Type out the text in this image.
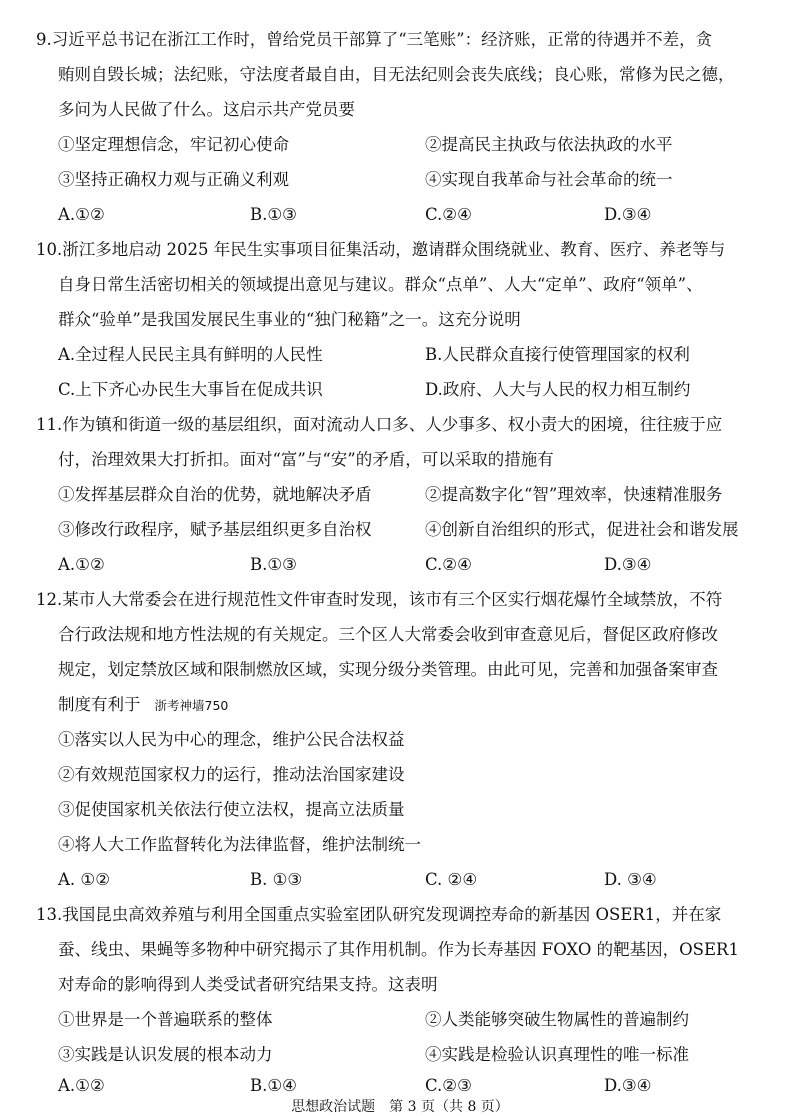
9.习近平总书记在浙江工作时，曾给党员干部算了“三笔账”：经济账，正常的待遇并不差，贪
贿则自毁长城；法纪账，守法度者最自由，目无法纪则会丧失底线；良心账，常修为民之德，
多问为人民做了什么。这启示共产党员要
①坚定理想信念，牢记初心使命	②提高民主执政与依法执政的水平
③坚持正确权力观与正确义利观	④实现自我革命与社会革命的统一
A.①②	B.①③	C.②④	D.③④
10.浙江多地启动 2025 年民生实事项目征集活动，邀请群众围绕就业、教育、医疗、养老等与
自身日常生活密切相关的领域提出意见与建议。群众“点单”、人大“定单”、政府“领单”、
群众“验单”是我国发展民生事业的“独门秘籍”之一。这充分说明
A.全过程人民民主具有鲜明的人民性	B.人民群众直接行使管理国家的权利
C.上下齐心办民生大事旨在促成共识	D.政府、人大与人民的权力相互制约
11.作为镇和街道一级的基层组织，面对流动人口多、人少事多、权小责大的困境，往往疲于应
付，治理效果大打折扣。面对“富”与“安”的矛盾，可以采取的措施有
①发挥基层群众自治的优势，就地解决矛盾	②提高数字化“智”理效率，快速精准服务
③修改行政程序，赋予基层组织更多自治权	④创新自治组织的形式，促进社会和谐发展
A.①②	B.①③	C.②④	D.③④
12.某市人大常委会在进行规范性文件审查时发现，该市有三个区实行烟花爆竹全域禁放，不符
合行政法规和地方性法规的有关规定。三个区人大常委会收到审查意见后，督促区政府修改
规定，划定禁放区域和限制燃放区域，实现分级分类管理。由此可见，完善和加强备案审查
制度有利于 浙考神墙750
①落实以人民为中心的理念，维护公民合法权益
②有效规范国家权力的运行，推动法治国家建设
③促使国家机关依法行使立法权，提高立法质量
④将人大工作监督转化为法律监督，维护法制统一
A. ①②	B. ①③	C. ②④	D. ③④
13.我国昆虫高效养殖与利用全国重点实验室团队研究发现调控寿命的新基因 OSER1，并在家
蚕、线虫、果蝇等多物种中研究揭示了其作用机制。作为长寿基因 FOXO 的靶基因，OSER1
对寿命的影响得到人类受试者研究结果支持。这表明
①世界是一个普遍联系的整体	②人类能够突破生物属性的普遍制约
③实践是认识发展的根本动力	④实践是检验认识真理性的唯一标准
A.①②	B.①④	C.②③	D.③④
思想政治试题　第 3 页（共 8 页）
